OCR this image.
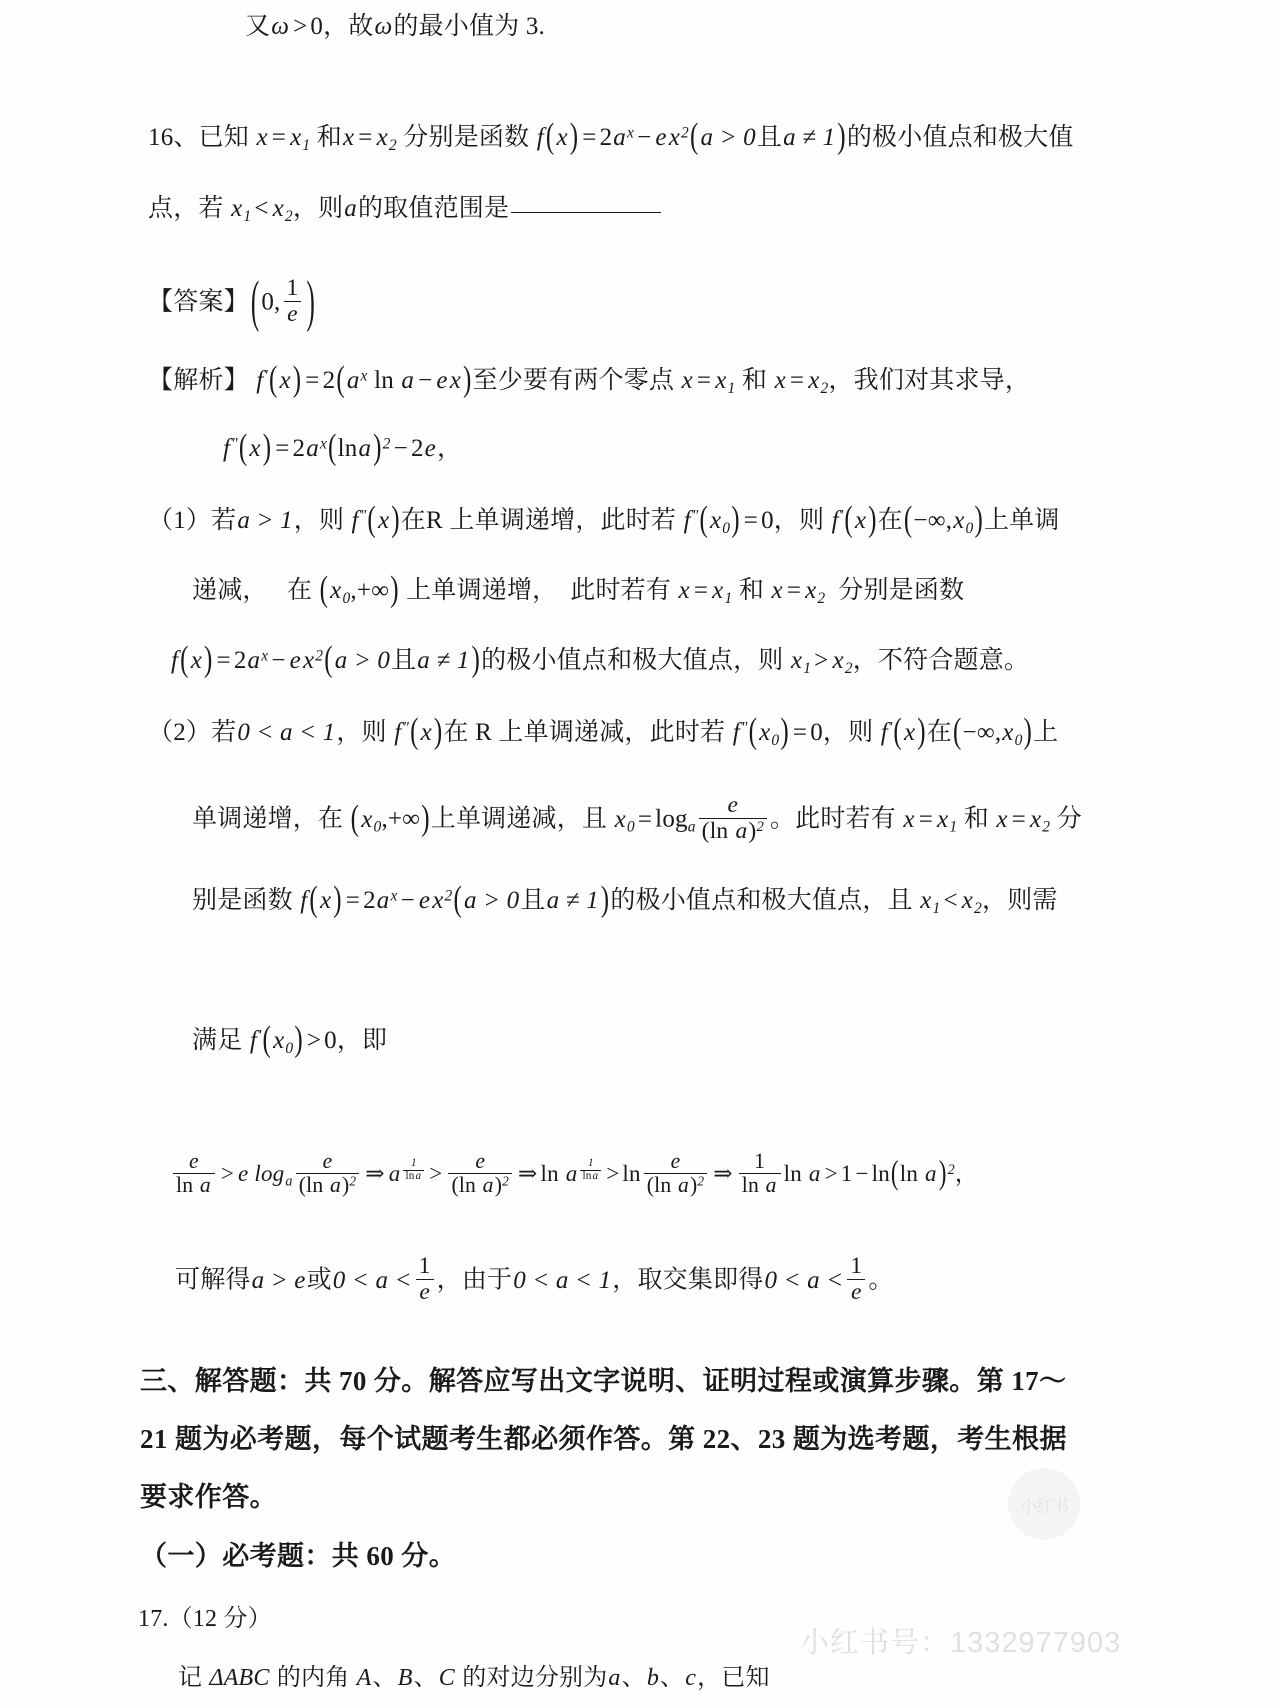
又ω > 0，故ω的最小值为 3.
16、已知 $x = x_1$ 和$x = x_2$ 分别是函数 $f(x) = 2a^x - ex^2(a > 0$且a ≠ 1)的极小值点和极大值
点，若 $x_1 < x_2$，则a的取值范围是
【答案】(0, $\frac{1}{e}$ )
【解析】 $f'(x) = 2(a^x$ ln a − ex)至少要有两个零点 $x = x_1$ 和 $x = x_2$，我们对其求导，
$f^"(x) = 2a^x(\ln a)^2 - 2e$，
（1）若a > 1，则 f"(x)在R 上单调递增，此时若 $f^"(x_0) = 0$，则 f'(x)在$(-\infty,x_0)$上单调
递减， 在 $(x_0,+\infty)$ 上单调递增， 此时若有 $x = x_1$ 和 $x = x_2$ 分别是函数
$f(x) = 2a^x - ex^2(a > 0$且a ≠ 1)的极小值点和极大值点，则 $x_1 > x_2$，不符合题意。
（2）若0 < a < 1，则 f"(x)在 R 上单调递减，此时若 $f^"(x_0) = 0$，则 f'(x)在$(-\infty,x_0)$上
单调递增，在 $(x_0,+\infty)$上单调递减，且 $x_0 = \log_a \frac{e}{(\ln a)^2}$ 。此时若有 $x = x_1$ 和 $x = x_2$ 分
别是函数 $f(x) = 2a^x - ex^2(a > 0$且a ≠ 1)的极小值点和极大值点，且 $x_1 < x_2$，则需
满足 $f'(x_0) > 0$，即
$\frac{e}{\text{ln a}} > e$ $\log_a \frac{e}{(\ln a)^2}$ ⇒ a $^{\frac{1}{\ln a}} > \frac{e}{(\ln a)^2}$ ⇒ ln a $^{\frac{1}{\ln a}} > \ln \frac{e}{(\ln a)^2}$ ⇒ $\frac{1}{\text{ln a}}$ ln a > 1 − ln(ln a)$^2$，
可解得a > e或$0 < a < \frac{1}{e}$ ，由于0 < a < 1，取交集即得$0 < a < \frac{1}{e}$ 。
三、解答题：共 70 分。解答应写出文字说明、证明过程或演算步骤。第 17～
21 题为必考题，每个试题考生都必须作答。第 22、23 题为选考题，考生根据
要求作答。
（一）必考题：共 60 分。
17.（12 分）
记 ΔABC 的内角 A、B、C 的对边分别为a、b、c，已知
小红书
小红书号：1332977903
